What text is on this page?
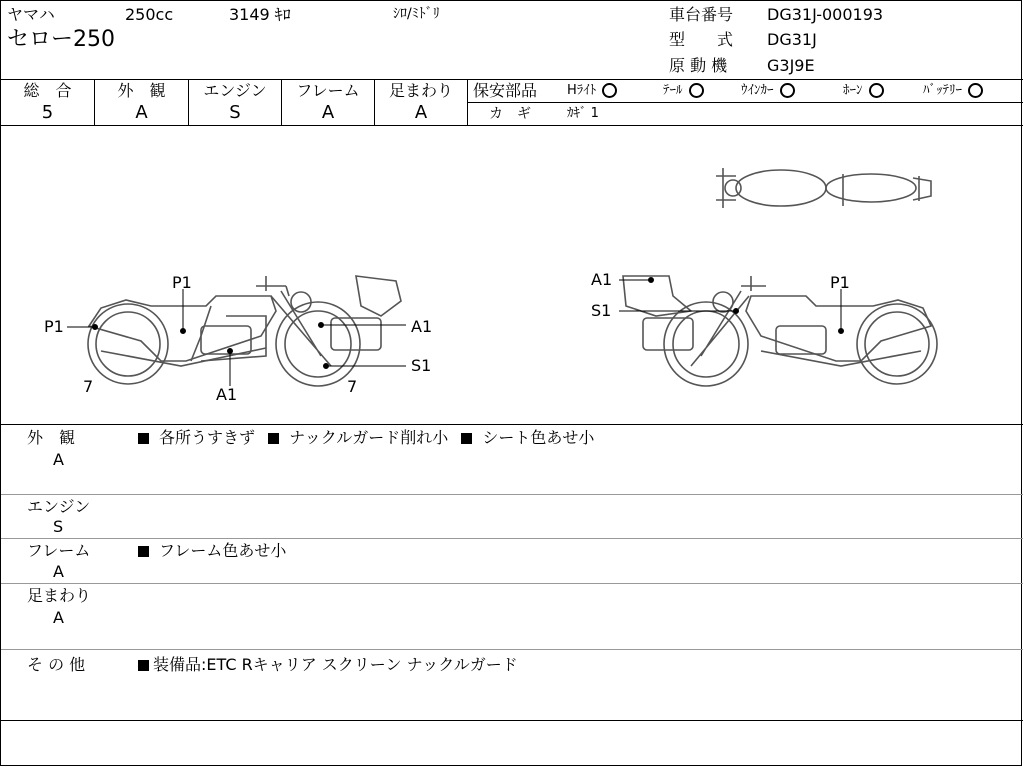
ヤマハ	250cc	3149 ｷﾛ	ｼﾛ/ﾐﾄﾞﾘ
セロー250
車台番号 DG31J-000193
型　　式 DG31J
原 動 機 G3J9E
総　合
5
外　観
A
エンジン
S
フレーム
A
足まわり
A
保安部品 Hﾗｲﾄ	ﾃｰﾙ	ｳｲﾝｶｰ	ﾎｰﾝ	ﾊﾞｯﾃﾘｰ
カ　ギ	ｶｷﾞ 1
P1
P1	A1
S1
A1
7	7
A1
S1
P1
外　観
A
各所うすきず ナックルガード削れ小 シート色あせ小
エンジン
S
フレーム
A
フレーム色あせ小
足まわり
A
そ の 他	装備品:ETC Rキャリア スクリーン ナックルガード
